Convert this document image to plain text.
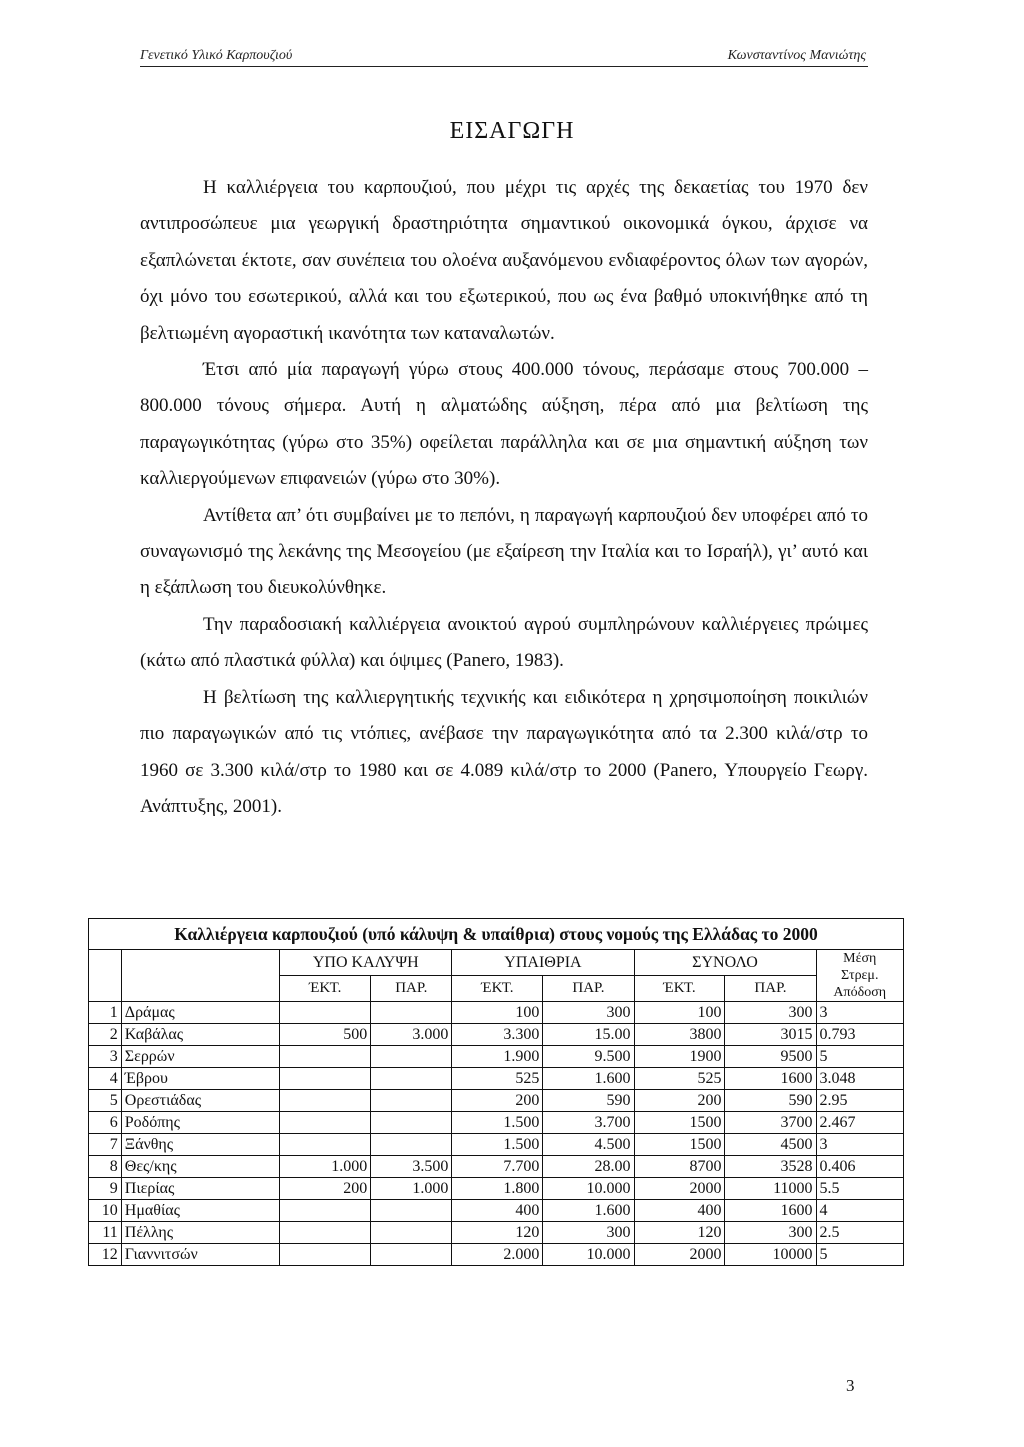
Γενετικό Υλικό Καρπουζιού	Κωνσταντίνος Μανιώτης
ΕΙΣΑΓΩΓΗ

Η καλλιέργεια του καρπουζιού, που μέχρι τις αρχές της δεκαετίας του 1970 δεν αντιπροσώπευε μια γεωργική δραστηριότητα σημαντικού οικονομικά όγκου, άρχισε να εξαπλώνεται έκτοτε, σαν συνέπεια του ολοένα αυξανόμενου ενδιαφέροντος όλων των αγορών, όχι μόνο του εσωτερικού, αλλά και του εξωτερικού, που ως ένα βαθμό υποκινήθηκε από τη βελτιωμένη αγοραστική ικανότητα των καταναλωτών.

Έτσι από μία παραγωγή γύρω στους 400.000 τόνους, περάσαμε στους 700.000 – 800.000 τόνους σήμερα. Αυτή η αλματώδης αύξηση, πέρα από μια βελτίωση της παραγωγικότητας (γύρω στο 35%) οφείλεται παράλληλα και σε μια σημαντική αύξηση των καλλιεργούμενων επιφανειών (γύρω στο 30%).

Αντίθετα απ’ ότι συμβαίνει με το πεπόνι, η παραγωγή καρπουζιού δεν υποφέρει από το συναγωνισμό της λεκάνης της Μεσογείου (με εξαίρεση την Ιταλία και το Ισραήλ), γι’ αυτό και η εξάπλωση του διευκολύνθηκε.

Την παραδοσιακή καλλιέργεια ανοικτού αγρού συμπληρώνουν καλλιέργειες πρώιμες (κάτω από πλαστικά φύλλα) και όψιμες (Panero, 1983).

Η βελτίωση της καλλιεργητικής τεχνικής και ειδικότερα η χρησιμοποίηση ποικιλιών πιο παραγωγικών από τις ντόπιες, ανέβασε την παραγωγικότητα από τα 2.300 κιλά/στρ το 1960 σε 3.300 κιλά/στρ το 1980 και σε 4.089 κιλά/στρ το 2000 (Panero, Υπουργείο Γεωργ. Ανάπτυξης, 2001).

Καλλιέργεια καρπουζιού (υπό κάλυψη & υπαίθρια) στους νομούς της Ελλάδας το 2000								
		ΥΠΟ ΚΑΛΥΨΗ		ΥΠΑΙΘΡΙΑ		ΣΥΝΟΛΟ		Μέση
Στρεμ.
Απόδοση
		ΈΚΤ.	ΠΑΡ.	ΈΚΤ.	ΠΑΡ.	ΈΚΤ.	ΠΑΡ.	
1	Δράμας			100	300	100	300	3
2	Καβάλας	500	3.000	3.300	15.00	3800	3015	0.793
3	Σερρών			1.900	9.500	1900	9500	5
4	Έβρου			525	1.600	525	1600	3.048
5	Ορεστιάδας			200	590	200	590	2.95
6	Ροδόπης			1.500	3.700	1500	3700	2.467
7	Ξάνθης			1.500	4.500	1500	4500	3
8	Θες/κης	1.000	3.500	7.700	28.00	8700	3528	0.406
9	Πιερίας	200	1.000	1.800	10.000	2000	11000	5.5
10	Ημαθίας			400	1.600	400	1600	4
11	Πέλλης			120	300	120	300	2.5
12	Γιαννιτσών			2.000	10.000	2000	10000	5
3
